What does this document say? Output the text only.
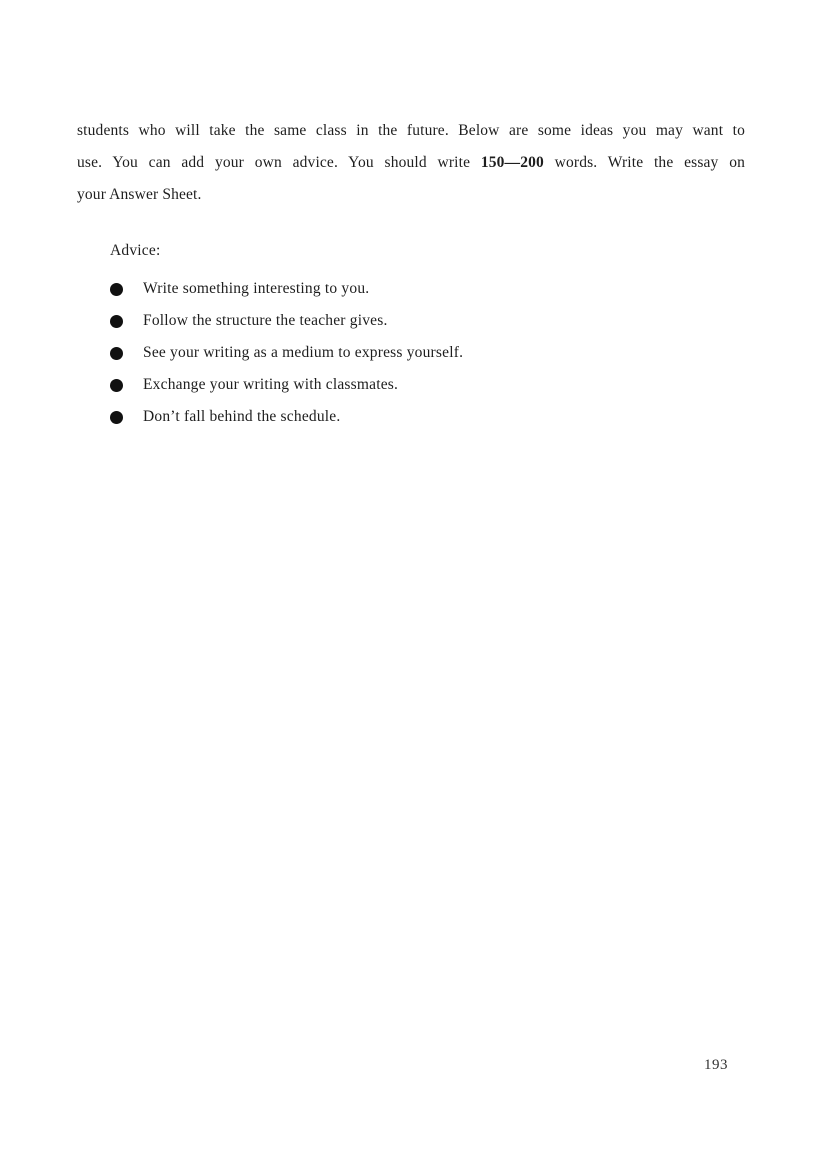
students who will take the same class in the future. Below are some ideas you may want to
use. You can add your own advice. You should write 150—200 words. Write the essay on
your Answer Sheet.
Advice:
Write something interesting to you.
Follow the structure the teacher gives.
See your writing as a medium to express yourself.
Exchange your writing with classmates.
Don’t fall behind the schedule.
193
